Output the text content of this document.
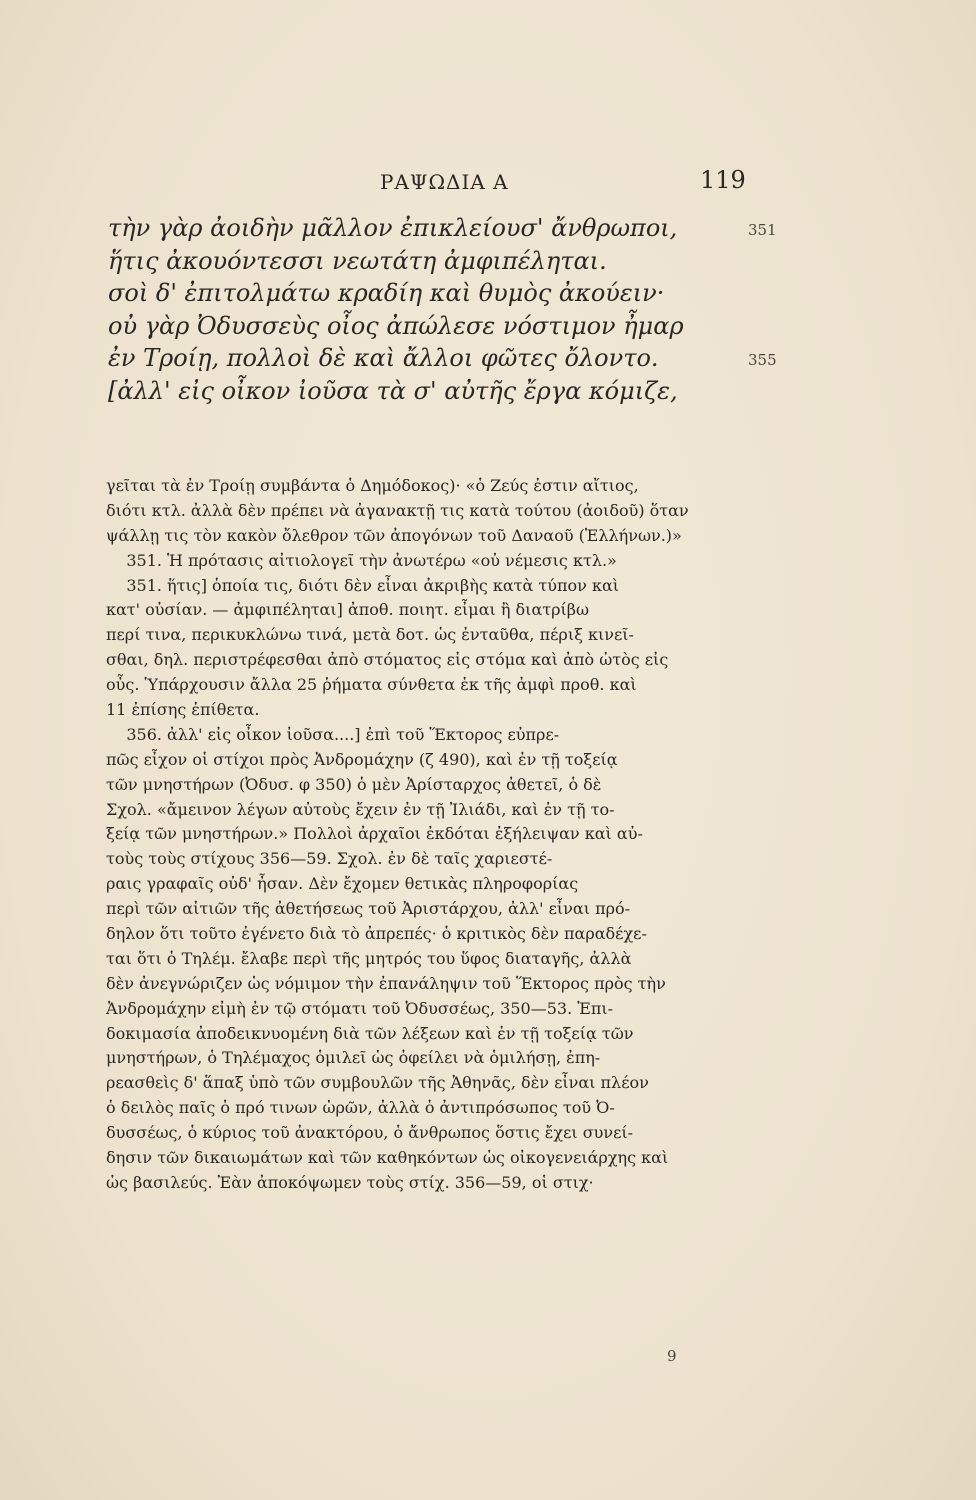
ΡΑΨΩΔΙΑ Α	119
τὴν γὰρ ἀοιδὴν μᾶλλον ἐπικλείουσ' ἄνθρωποι,	351
ἥτις ἀκουόντεσσι νεωτάτη ἀμφιπέληται.
σοὶ δ' ἐπιτολμάτω κραδίη καὶ θυμὸς ἀκούειν·
οὐ γὰρ Ὀδυσσεὺς οἶος ἀπώλεσε νόστιμον ἦμαρ
ἐν Τροίῃ, πολλοὶ δὲ καὶ ἄλλοι φῶτες ὄλοντο.	355
[ἀλλ' εἰς οἶκον ἰοῦσα τὰ σ' αὐτῆς ἔργα κόμιζε,
γεῖται τὰ ἐν Τροίῃ συμβάντα ὁ Δημόδοκος)· «ὁ Ζεύς ἐστιν αἴτιος,
διότι κτλ. ἀλλὰ δὲν πρέπει νὰ ἀγανακτῇ τις κατὰ τούτου (ἀοιδοῦ) ὅταν
ψάλλῃ τις τὸν κακὸν ὄλεθρον τῶν ἀπογόνων τοῦ Δαναοῦ (Ἑλλήνων.)»
351. Ἡ πρότασις αἰτιολογεῖ τὴν ἀνωτέρω «οὐ νέμεσις κτλ.»
351. ἥτις] ὁποία τις, διότι δὲν εἶναι ἀκριβὴς κατὰ τύπον καὶ
κατ' οὐσίαν. — ἀμφιπέληται] ἀποθ. ποιητ. εἶμαι ἢ διατρίβω
περί τινα, περικυκλώνω τινά, μετὰ δοτ. ὡς ἐνταῦθα, πέριξ κινεῖ-
σθαι, δηλ. περιστρέφεσθαι ἀπὸ στόματος εἰς στόμα καὶ ἀπὸ ὠτὸς εἰς
οὖς. Ὑπάρχουσιν ἄλλα 25 ῥήματα σύνθετα ἐκ τῆς ἀμφὶ προθ. καὶ
11 ἐπίσης ἐπίθετα.
356. ἀλλ' εἰς οἶκον ἰοῦσα....] ἐπὶ τοῦ Ἕκτορος εὐπρε-
πῶς εἶχον οἱ στίχοι πρὸς Ἀνδρομάχην (ζ 490), καὶ ἐν τῇ τοξείᾳ
τῶν μνηστήρων (Ὀδυσ. φ 350) ὁ μὲν Ἀρίσταρχος ἀθετεῖ, ὁ δὲ
Σχολ. «ἄμεινον λέγων αὐτοὺς ἔχειν ἐν τῇ Ἰλιάδι, καὶ ἐν τῇ το-
ξείᾳ τῶν μνηστήρων.» Πολλοὶ ἀρχαῖοι ἐκδόται ἐξήλειψαν καὶ αὐ-
τοὺς τοὺς στίχους 356—59. Σχολ. ἐν δὲ ταῖς χαριεστέ-
ραις γραφαῖς οὐδ' ἦσαν. Δὲν ἔχομεν θετικὰς πληροφορίας
περὶ τῶν αἰτιῶν τῆς ἀθετήσεως τοῦ Ἀριστάρχου, ἀλλ' εἶναι πρό-
δηλον ὅτι τοῦτο ἐγένετο διὰ τὸ ἀπρεπές· ὁ κριτικὸς δὲν παραδέχε-
ται ὅτι ὁ Τηλέμ. ἔλαβε περὶ τῆς μητρός του ὕφος διαταγῆς, ἀλλὰ
δὲν ἀνεγνώριζεν ὡς νόμιμον τὴν ἐπανάληψιν τοῦ Ἕκτορος πρὸς τὴν
Ἀνδρομάχην εἰμὴ ἐν τῷ στόματι τοῦ Ὀδυσσέως, 350—53. Ἐπι-
δοκιμασία ἀποδεικνυομένη διὰ τῶν λέξεων καὶ ἐν τῇ τοξείᾳ τῶν
μνηστήρων, ὁ Τηλέμαχος ὁμιλεῖ ὡς ὀφείλει νὰ ὁμιλήσῃ, ἐπη-
ρεασθεὶς δ' ἅπαξ ὑπὸ τῶν συμβουλῶν τῆς Ἀθηνᾶς, δὲν εἶναι πλέον
ὁ δειλὸς παῖς ὁ πρό τινων ὡρῶν, ἀλλὰ ὁ ἀντιπρόσωπος τοῦ Ὀ-
δυσσέως, ὁ κύριος τοῦ ἀνακτόρου, ὁ ἄνθρωπος ὅστις ἔχει συνεί-
δησιν τῶν δικαιωμάτων καὶ τῶν καθηκόντων ὡς οἰκογενειάρχης καὶ
ὡς βασιλεύς. Ἐὰν ἀποκόψωμεν τοὺς στίχ. 356—59, οἱ στιχ·
9
